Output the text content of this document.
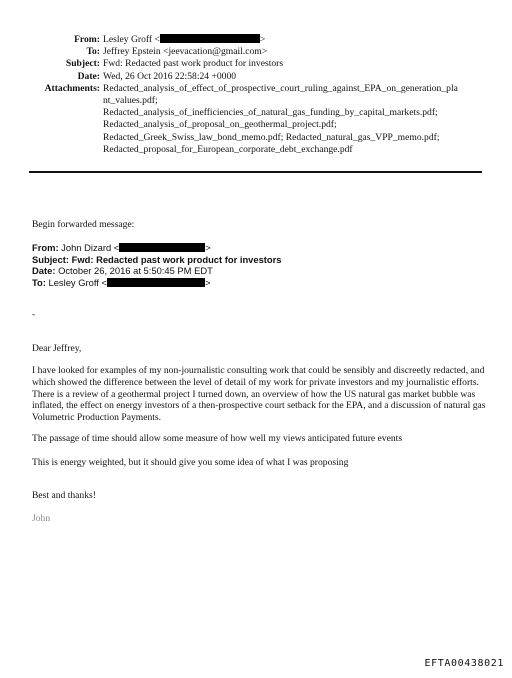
From: Lesley Groff <	>
To: Jeffrey Epstein <jeevacation@gmail.com>
Subject: Fwd: Redacted past work product for investors
Date: Wed, 26 Oct 2016 22:58:24 +0000
Attachments: Redacted_analysis_of_effect_of_prospective_court_ruling_against_EPA_on_generation_pla
nt_values.pdf;
Redacted_analysis_of_inefficiencies_of_natural_gas_funding_by_capital_markets.pdf;
Redacted_analysis_of_proposal_on_geothermal_project.pdf;
Redacted_Greek_Swiss_law_bond_memo.pdf; Redacted_natural_gas_VPP_memo.pdf;
Redacted_proposal_for_European_corporate_debt_exchange.pdf
Begin forwarded message:
From: John Dizard <	>
Subject: Fwd: Redacted past work product for investors
Date: October 26, 2016 at 5:50:45 PM EDT
To: Lesley Groff <	>
-
Dear Jeffrey,
I have looked for examples of my non-journalistic consulting work that could be sensibly and discreetly redacted, and which showed the difference between the level of detail of my work for private investors and my journalistic efforts. There is a review of a geothermal project I turned down, an overview of how the US natural gas market bubble was inflated, the effect on energy investors of a then-prospective court setback for the EPA, and a discussion of natural gas Volumetric Production Payments.
The passage of time should allow some measure of how well my views anticipated future events
This is energy weighted, but it should give you some idea of what I was proposing
Best and thanks!
John
EFTA00438021
